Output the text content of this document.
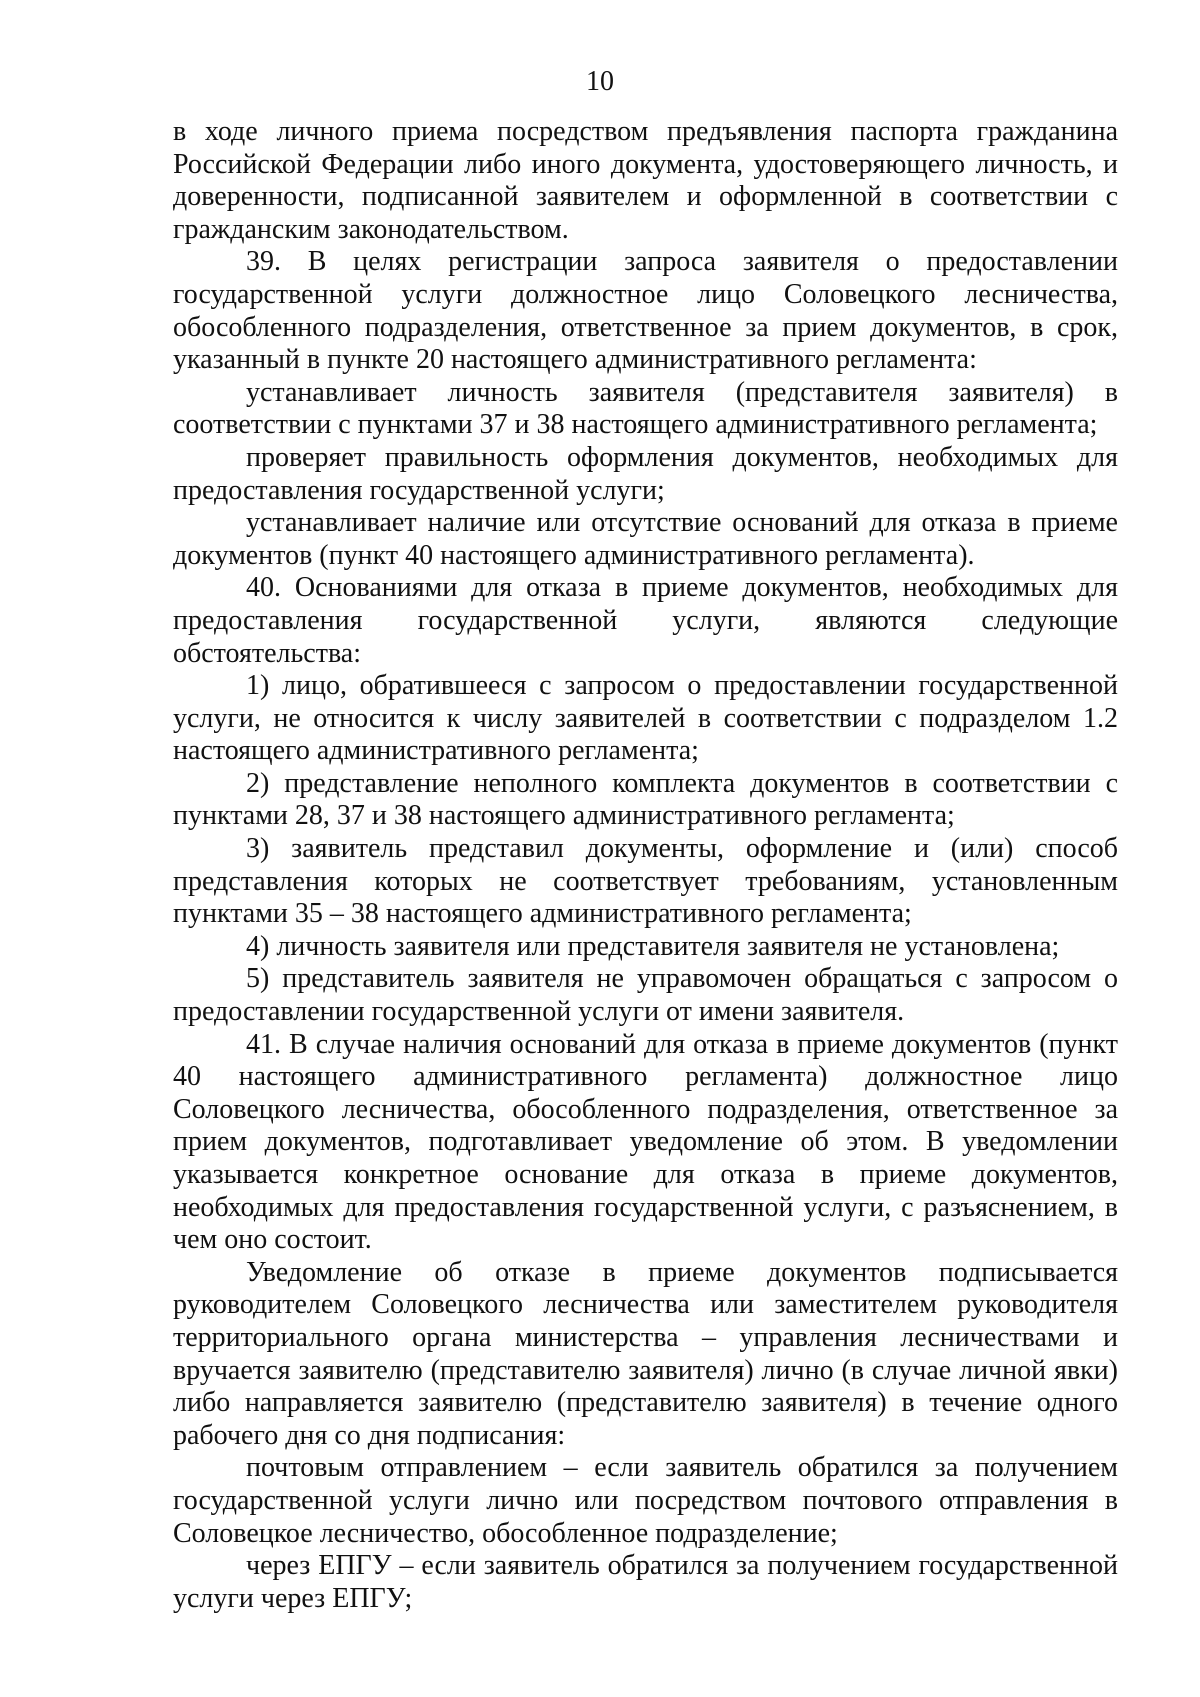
10

в ходе личного приема посредством предъявления паспорта гражданина Российской Федерации либо иного документа, удостоверяющего личность, и доверенности, подписанной заявителем и оформленной в соответствии с гражданским законодательством.

39. В целях регистрации запроса заявителя о предоставлении государственной услуги должностное лицо Соловецкого лесничества, обособленного подразделения, ответственное за прием документов, в срок, указанный в пункте 20 настоящего административного регламента:

устанавливает личность заявителя (представителя заявителя) в соответствии с пунктами 37 и 38 настоящего административного регламента;

проверяет правильность оформления документов, необходимых для предоставления государственной услуги;

устанавливает наличие или отсутствие оснований для отказа в приеме документов (пункт 40 настоящего административного регламента).

40. Основаниями для отказа в приеме документов, необходимых для предоставления государственной услуги, являются следующие обстоятельства:

1) лицо, обратившееся с запросом о предоставлении государственной услуги, не относится к числу заявителей в соответствии с подразделом 1.2 настоящего административного регламента;

2) представление неполного комплекта документов в соответствии с пунктами 28, 37 и 38 настоящего административного регламента;

3) заявитель представил документы, оформление и (или) способ представления которых не соответствует требованиям, установленным пунктами 35 – 38 настоящего административного регламента;

4) личность заявителя или представителя заявителя не установлена;

5) представитель заявителя не управомочен обращаться с запросом о предоставлении государственной услуги от имени заявителя.

41. В случае наличия оснований для отказа в приеме документов (пункт 40 настоящего административного регламента) должностное лицо Соловецкого лесничества, обособленного подразделения, ответственное за прием документов, подготавливает уведомление об этом. В уведомлении указывается конкретное основание для отказа в приеме документов, необходимых для предоставления государственной услуги, с разъяснением, в чем оно состоит.

Уведомление об отказе в приеме документов подписывается руководителем Соловецкого лесничества или заместителем руководителя территориального органа министерства – управления лесничествами и вручается заявителю (представителю заявителя) лично (в случае личной явки) либо направляется заявителю (представителю заявителя) в течение одного рабочего дня со дня подписания:

почтовым отправлением – если заявитель обратился за получением государственной услуги лично или посредством почтового отправления в Соловецкое лесничество, обособленное подразделение;

через ЕПГУ – если заявитель обратился за получением государственной услуги через ЕПГУ;
